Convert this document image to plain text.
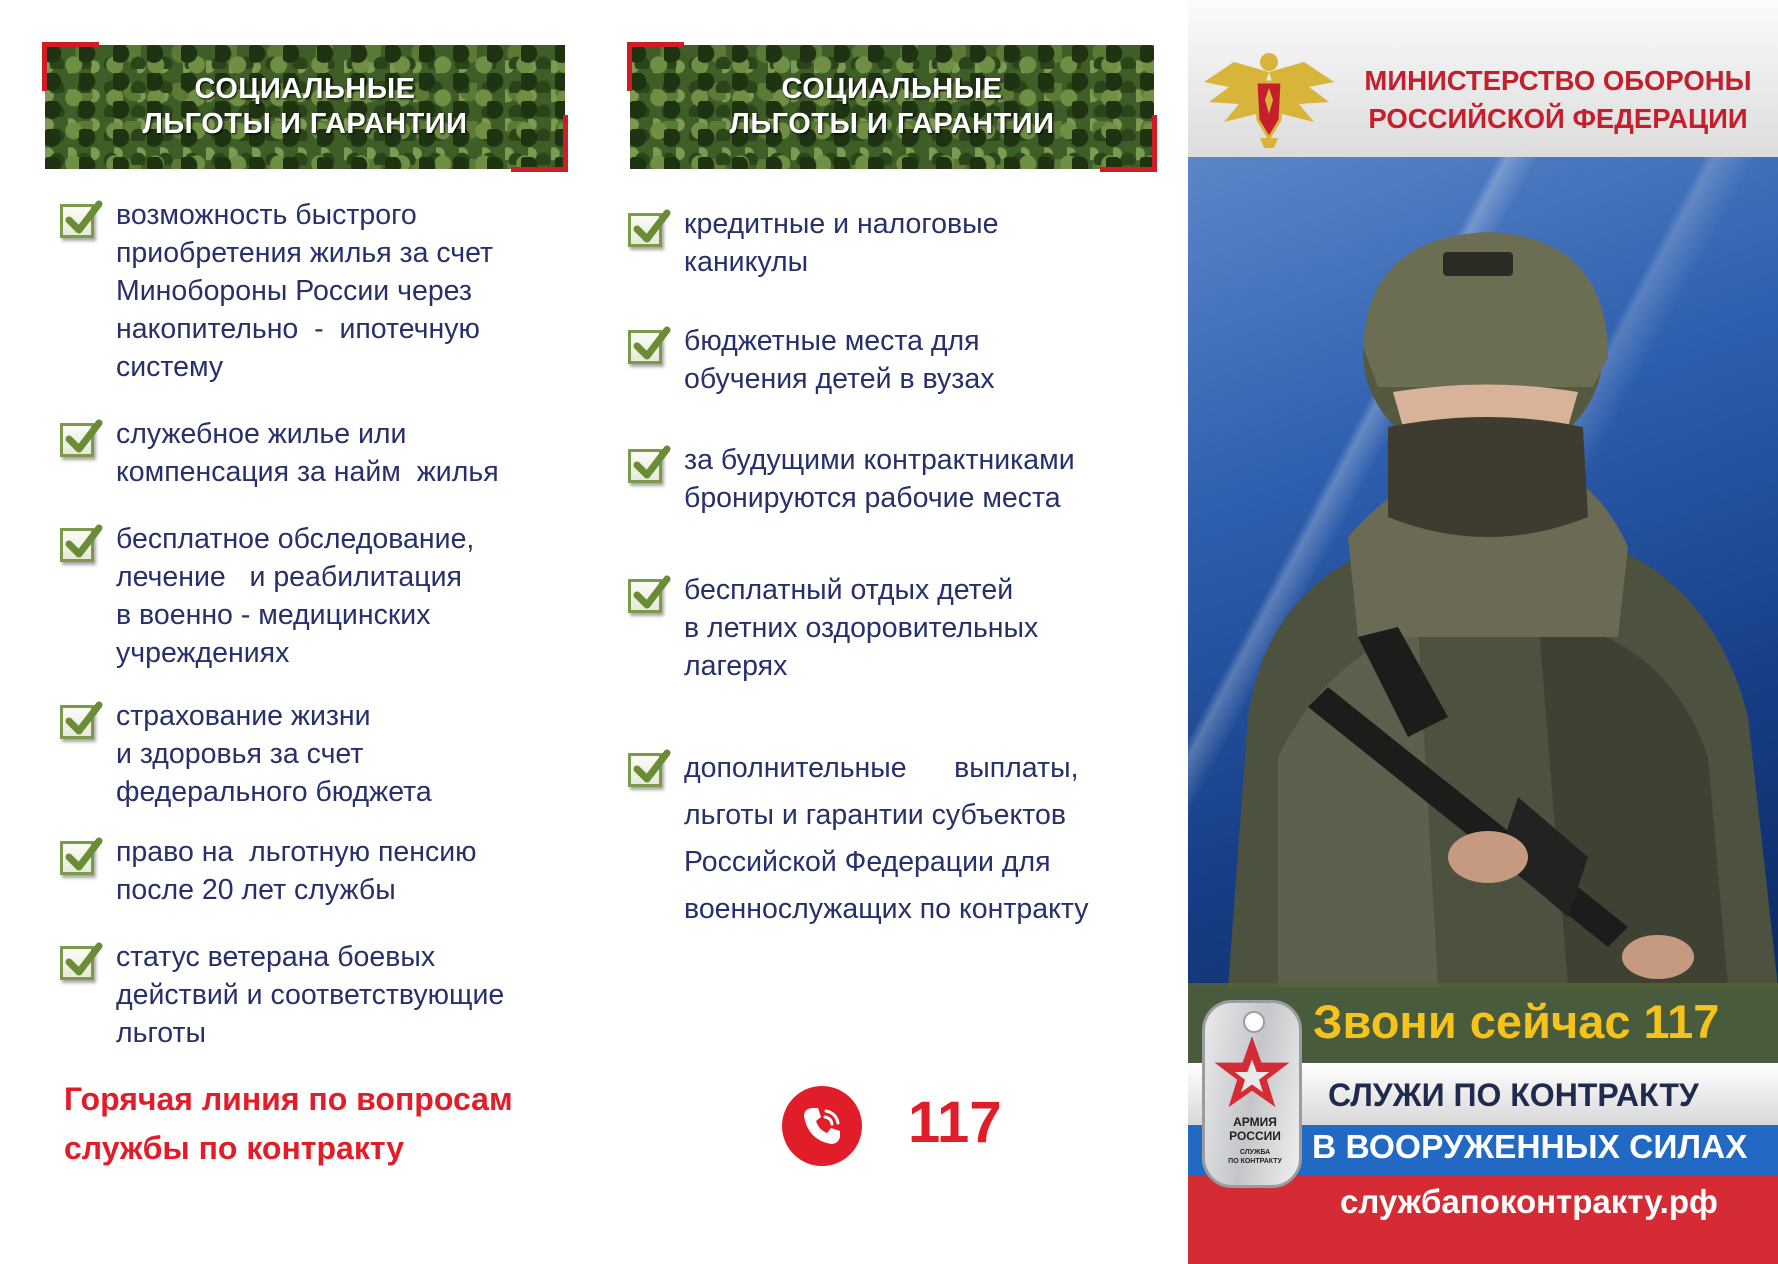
СОЦИАЛЬНЫЕ
ЛЬГОТЫ И ГАРАНТИИ
возможность быстрого
приобретения жилья за счет
Минобороны России через
накопительно  -  ипотечную
систему
служебное жилье или
компенсация за найм  жилья
бесплатное обследование,
лечение   и реабилитация
в военно - медицинских
учреждениях
страхование жизни
и здоровья за счет
федерального бюджета
право на  льготную пенсию
после 20 лет службы
статус ветерана боевых
действий и соответствующие
льготы
Горячая линия по вопросам
службы по контракту
СОЦИАЛЬНЫЕ
ЛЬГОТЫ И ГАРАНТИИ
кредитные и налоговые
каникулы
бюджетные места для
обучения детей в вузах
за будущими контрактниками
бронируются рабочие места
бесплатный отдых детей
в летних оздоровительных
лагерях
дополнительные      выплаты,
льготы и гарантии субъектов
Российской Федерации для
военнослужащих по контракту
117
МИНИСТЕРСТВО ОБОРОНЫ
РОССИЙСКОЙ ФЕДЕРАЦИИ
Звони сейчас 117
СЛУЖИ ПО КОНТРАКТУ
В ВООРУЖЕННЫХ СИЛАХ
службапоконтракту.рф
АРМИЯ
РОССИИ
СЛУЖБА
ПО КОНТРАКТУ
